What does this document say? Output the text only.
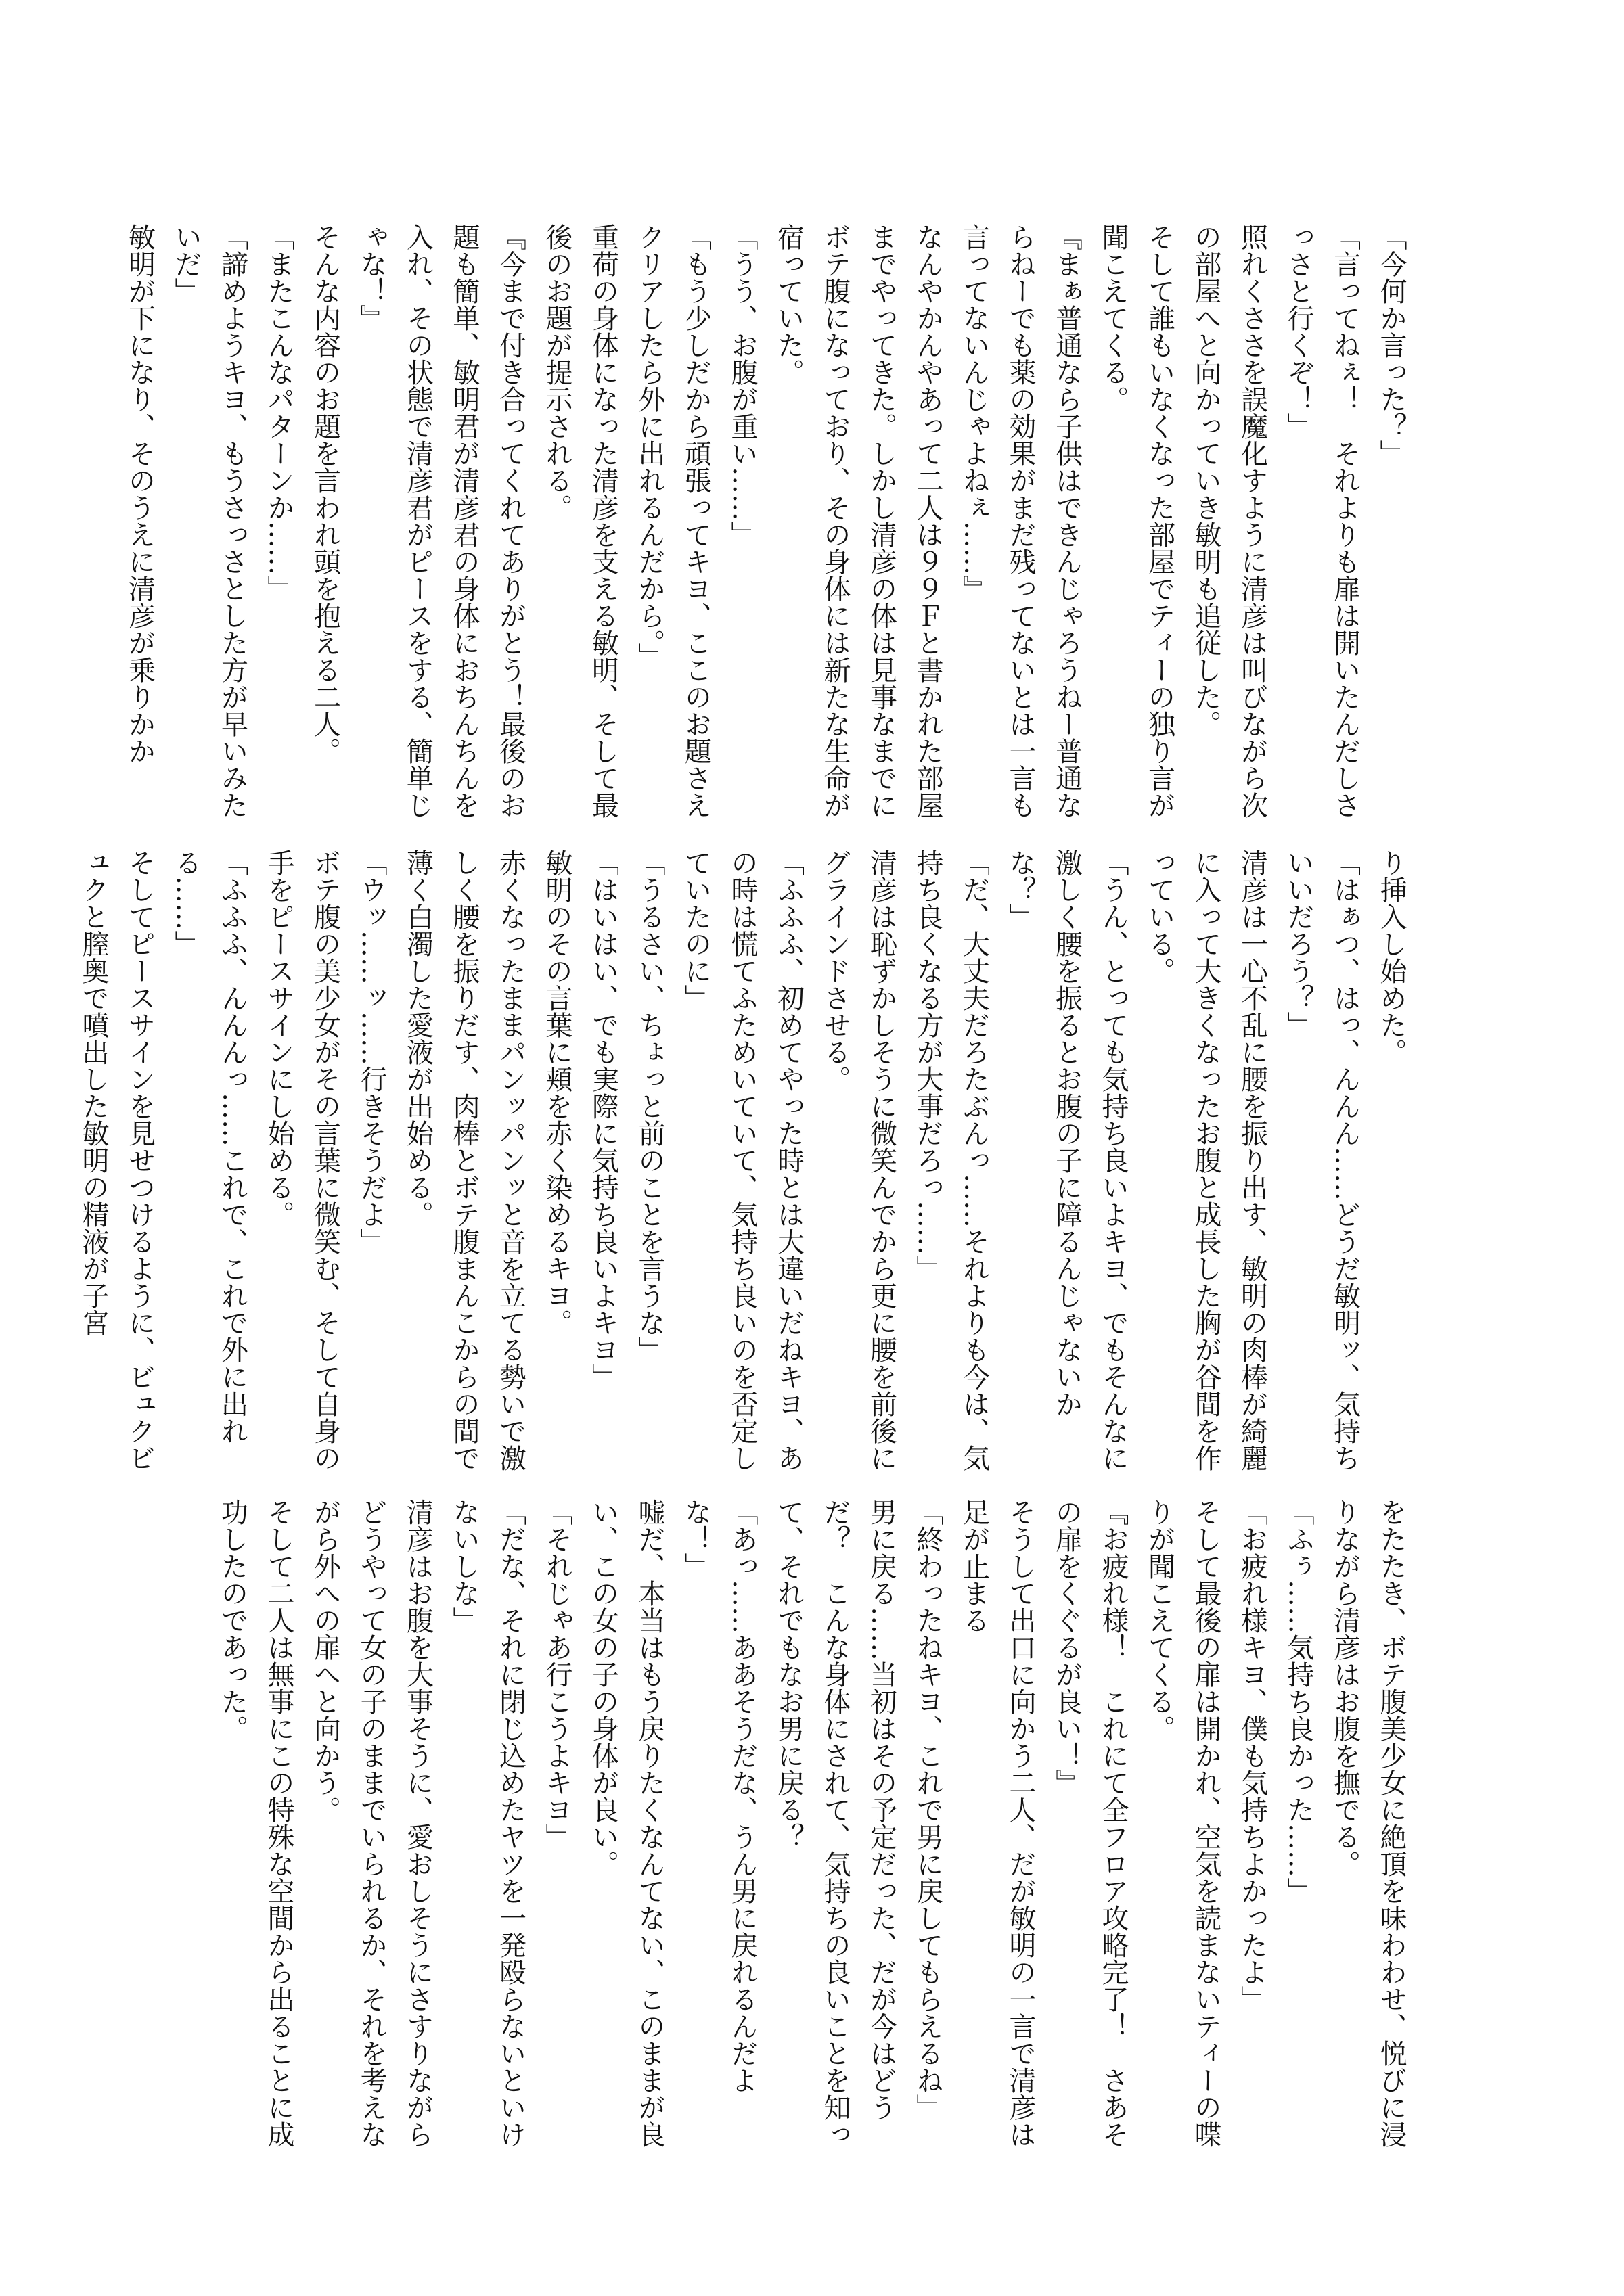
「今何か言った？」

「言ってねぇ！　それよりも扉は開いたんだしさっさと行くぞ！」

照れくささを誤魔化すように清彦は叫びながら次の部屋へと向かっていき敏明も追従した。

そして誰もいなくなった部屋でティーの独り言が聞こえてくる。

『まぁ普通なら子供はできんじゃろうねー普通ならねーでも薬の効果がまだ残ってないとは一言も言ってないんじゃよねぇ……』

なんやかんやあって二人は９９Ｆと書かれた部屋までやってきた。しかし清彦の体は見事なまでにボテ腹になっており、その身体には新たな生命が宿っていた。

「うう、お腹が重い……」

「もう少しだから頑張ってキヨ、ここのお題さえクリアしたら外に出れるんだから。」

重荷の身体になった清彦を支える敏明、そして最後のお題が提示される。

『今まで付き合ってくれてありがとう！最後のお題も簡単、敏明君が清彦君の身体におちんちんを入れ、その状態で清彦君がピースをする、簡単じゃな！』

そんな内容のお題を言われ頭を抱える二人。

「またこんなパターンか……」

「諦めようキヨ、もうさっさとした方が早いみたいだ」

敏明が下になり、そのうえに清彦が乗りかか

り挿入し始めた。

「はぁつ、はっ、んんん……どうだ敏明ッ、気持ちいいだろう？」

清彦は一心不乱に腰を振り出す、敏明の肉棒が綺麗に入って大きくなったお腹と成長した胸が谷間を作っている。

「うん、とっても気持ち良いよキヨ、でもそんなに激しく腰を振るとお腹の子に障るんじゃないかな？」

「だ、大丈夫だろたぶんっ……それよりも今は、気持ち良くなる方が大事だろっ……」

清彦は恥ずかしそうに微笑んでから更に腰を前後にグラインドさせる。

「ふふふ、初めてやった時とは大違いだねキヨ、あの時は慌てふためいていて、気持ち良いのを否定していたのに」

「うるさい、ちょっと前のことを言うな」

「はいはい、でも実際に気持ち良いよキヨ」

敏明のその言葉に頬を赤く染めるキヨ。

赤くなったままパンッパンッと音を立てる勢いで激しく腰を振りだす、肉棒とボテ腹まんこからの間で薄く白濁した愛液が出始める。

「ウッ……ッ……行きそうだよ」

ボテ腹の美少女がその言葉に微笑む、そして自身の手をピースサインにし始める。

「ふふふ、んんんっ……これで、これで外に出れる……」

そしてピースサインを見せつけるように、ビュクビュクと膣奥で噴出した敏明の精液が子宮

をたたき、ボテ腹美少女に絶頂を味わわせ、悦びに浸りながら清彦はお腹を撫でる。

「ふぅ……気持ち良かった……」

「お疲れ様キヨ、僕も気持ちよかったよ」

そして最後の扉は開かれ、空気を読まないティーの喋りが聞こえてくる。

『お疲れ様！　これにて全フロア攻略完了！　さあその扉をくぐるが良い！』

そうして出口に向かう二人、だが敏明の一言で清彦は足が止まる

「終わったねキヨ、これで男に戻してもらえるね」

男に戻る……当初はその予定だった、だが今はどうだ？　こんな身体にされて、気持ちの良いことを知って、それでもなお男に戻る？

「あっ……ああそうだな、うん男に戻れるんだよな！」

嘘だ、本当はもう戻りたくなんてない、このままが良い、この女の子の身体が良い。

「それじゃあ行こうよキヨ」

「だな、それに閉じ込めたヤツを一発殴らないといけないしな」

清彦はお腹を大事そうに、愛おしそうにさすりながらどうやって女の子のままでいられるか、それを考えながら外への扉へと向かう。

そして二人は無事にこの特殊な空間から出ることに成功したのであった。
